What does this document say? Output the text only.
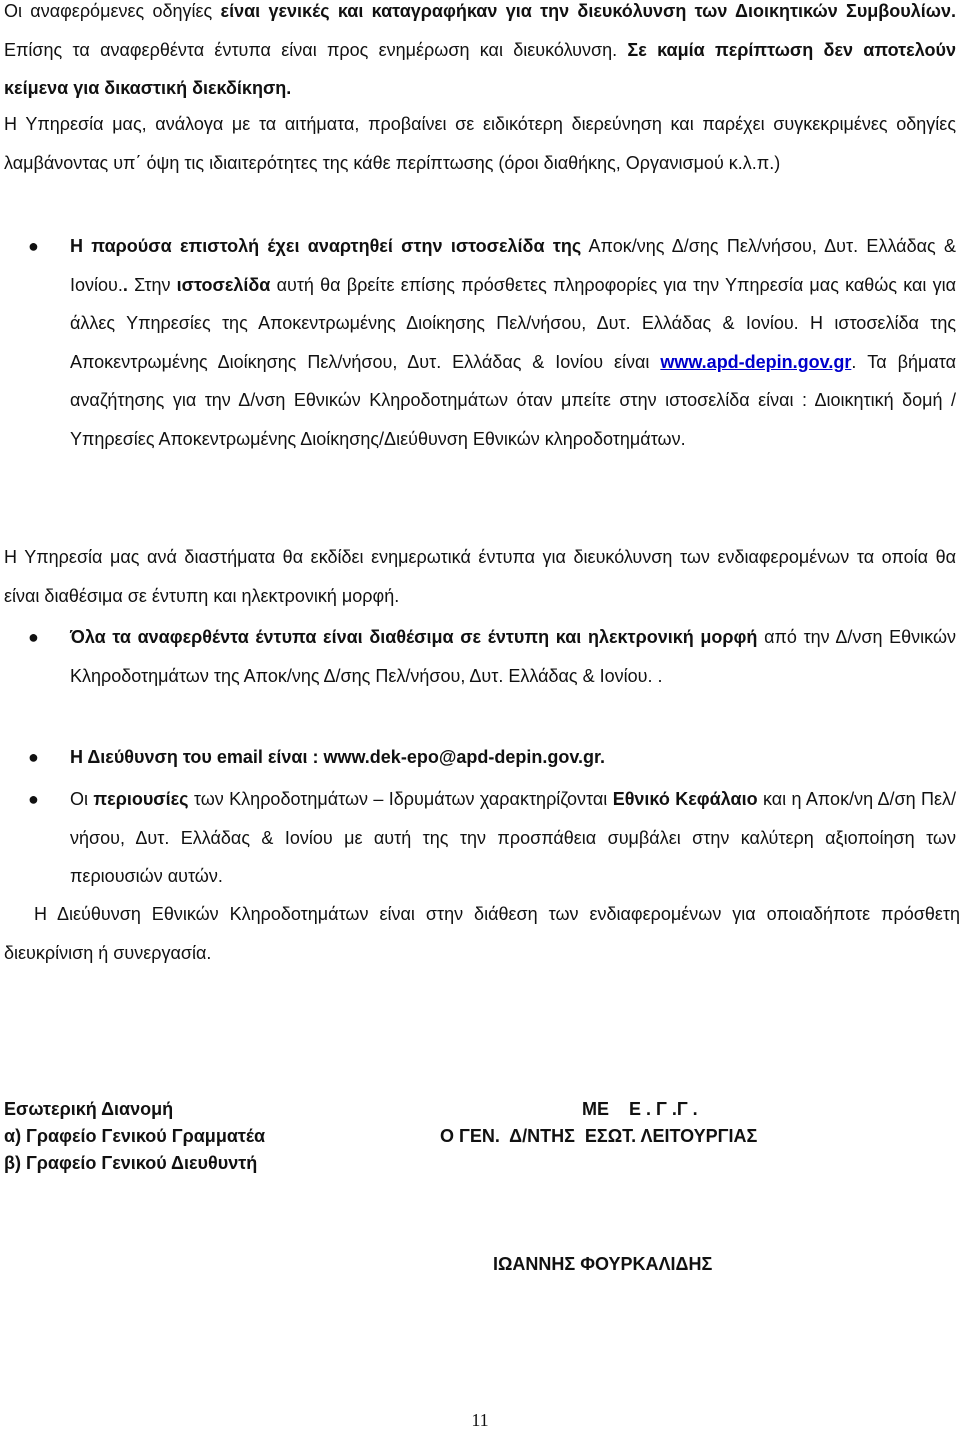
Οι αναφερόμενες οδηγίες είναι γενικές και καταγραφήκαν για την διευκόλυνση των Διοικητικών Συμβουλίων. Επίσης τα αναφερθέντα έντυπα είναι προς ενημέρωση και διευκόλυνση. Σε καμία περίπτωση δεν αποτελούν κείμενα για δικαστική διεκδίκηση.
Η Υπηρεσία μας, ανάλογα με τα αιτήματα, προβαίνει σε ειδικότερη διερεύνηση και παρέχει συγκεκριμένες οδηγίες λαμβάνοντας υπ΄ όψη τις ιδιαιτερότητες της κάθε περίπτωσης (όροι διαθήκης, Οργανισμού κ.λ.π.)
● Η παρούσα επιστολή έχει αναρτηθεί στην ιστοσελίδα της Αποκ/νης Δ/σης Πελ/νήσου, Δυτ. Ελλάδας & Ιονίου.. Στην ιστοσελίδα αυτή θα βρείτε επίσης πρόσθετες πληροφορίες για την Υπηρεσία μας καθώς και για άλλες Υπηρεσίες της Αποκεντρωμένης Διοίκησης Πελ/νήσου, Δυτ. Ελλάδας & Ιονίου. Η ιστοσελίδα της Αποκεντρωμένης Διοίκησης Πελ/νήσου, Δυτ. Ελλάδας & Ιονίου είναι www.apd-depin.gov.gr. Τα βήματα αναζήτησης για την Δ/νση Εθνικών Κληροδοτημάτων όταν μπείτε στην ιστοσελίδα είναι : Διοικητική δομή /Υπηρεσίες Αποκεντρωμένης Διοίκησης/Διεύθυνση Εθνικών κληροδοτημάτων.
Η Υπηρεσία μας ανά διαστήματα θα εκδίδει ενημερωτικά έντυπα για διευκόλυνση των ενδιαφερομένων τα οποία θα είναι διαθέσιμα σε έντυπη και ηλεκτρονική μορφή.
● Όλα τα αναφερθέντα έντυπα είναι διαθέσιμα σε έντυπη και ηλεκτρονική μορφή από την Δ/νση Εθνικών Κληροδοτημάτων της Αποκ/νης Δ/σης Πελ/νήσου, Δυτ. Ελλάδας & Ιονίου. .
● Η Διεύθυνση του email είναι : www.dek-epo@apd-depin.gov.gr.
● Οι περιουσίες των Κληροδοτημάτων – Ιδρυμάτων χαρακτηρίζονται Εθνικό Κεφάλαιο και η Αποκ/νη Δ/ση Πελ/νήσου, Δυτ. Ελλάδας & Ιονίου με αυτή της την προσπάθεια συμβάλει στην καλύτερη αξιοποίηση των περιουσιών αυτών.
Η Διεύθυνση Εθνικών Κληροδοτημάτων είναι στην διάθεση των ενδιαφερομένων για οποιαδήποτε πρόσθετη διευκρίνιση ή συνεργασία.
Εσωτερική Διανομή
α) Γραφείο Γενικού Γραμματέα
β) Γραφείο Γενικού Διευθυντή
ΜΕ    Ε . Γ .Γ .
Ο ΓΕΝ.  Δ/ΝΤΗΣ  ΕΣΩΤ. ΛΕΙΤΟΥΡΓΙΑΣ
ΙΩΑΝΝΗΣ ΦΟΥΡΚΑΛΙΔΗΣ
11
